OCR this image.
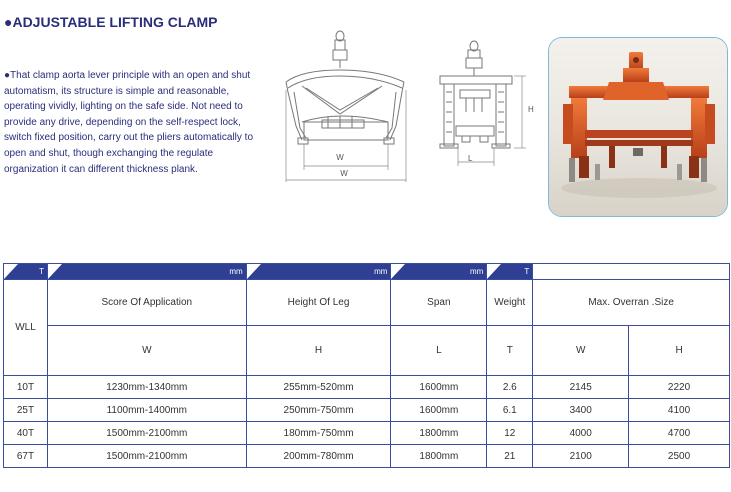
●ADJUSTABLE LIFTING CLAMP
●That clamp aorta lever principle with an open and shut automatism, its structure is simple and reasonable, operating vividly, lighting on the safe side. Not need to provide any drive, depending on the self-respect lock, switch fixed position, carry out the pliers automatically to open and shut, though exchanging the regulate organization it can different thickness plank.
W
W
H
L
T	mm	mm	mm	T		

WLL	Score Of Application	Height Of Leg	Span	Weight	Max. Overran .Size	
	W	H	L	T	W	H
10T	1230mm-1340mm	255mm-520mm	1600mm	2.6	2145	2220
25T	1100mm-1400mm	250mm-750mm	1600mm	6.1	3400	4100
40T	1500mm-2100mm	180mm-750mm	1800mm	12	4000	4700
67T	1500mm-2100mm	200mm-780mm	1800mm	21	2100	2500
